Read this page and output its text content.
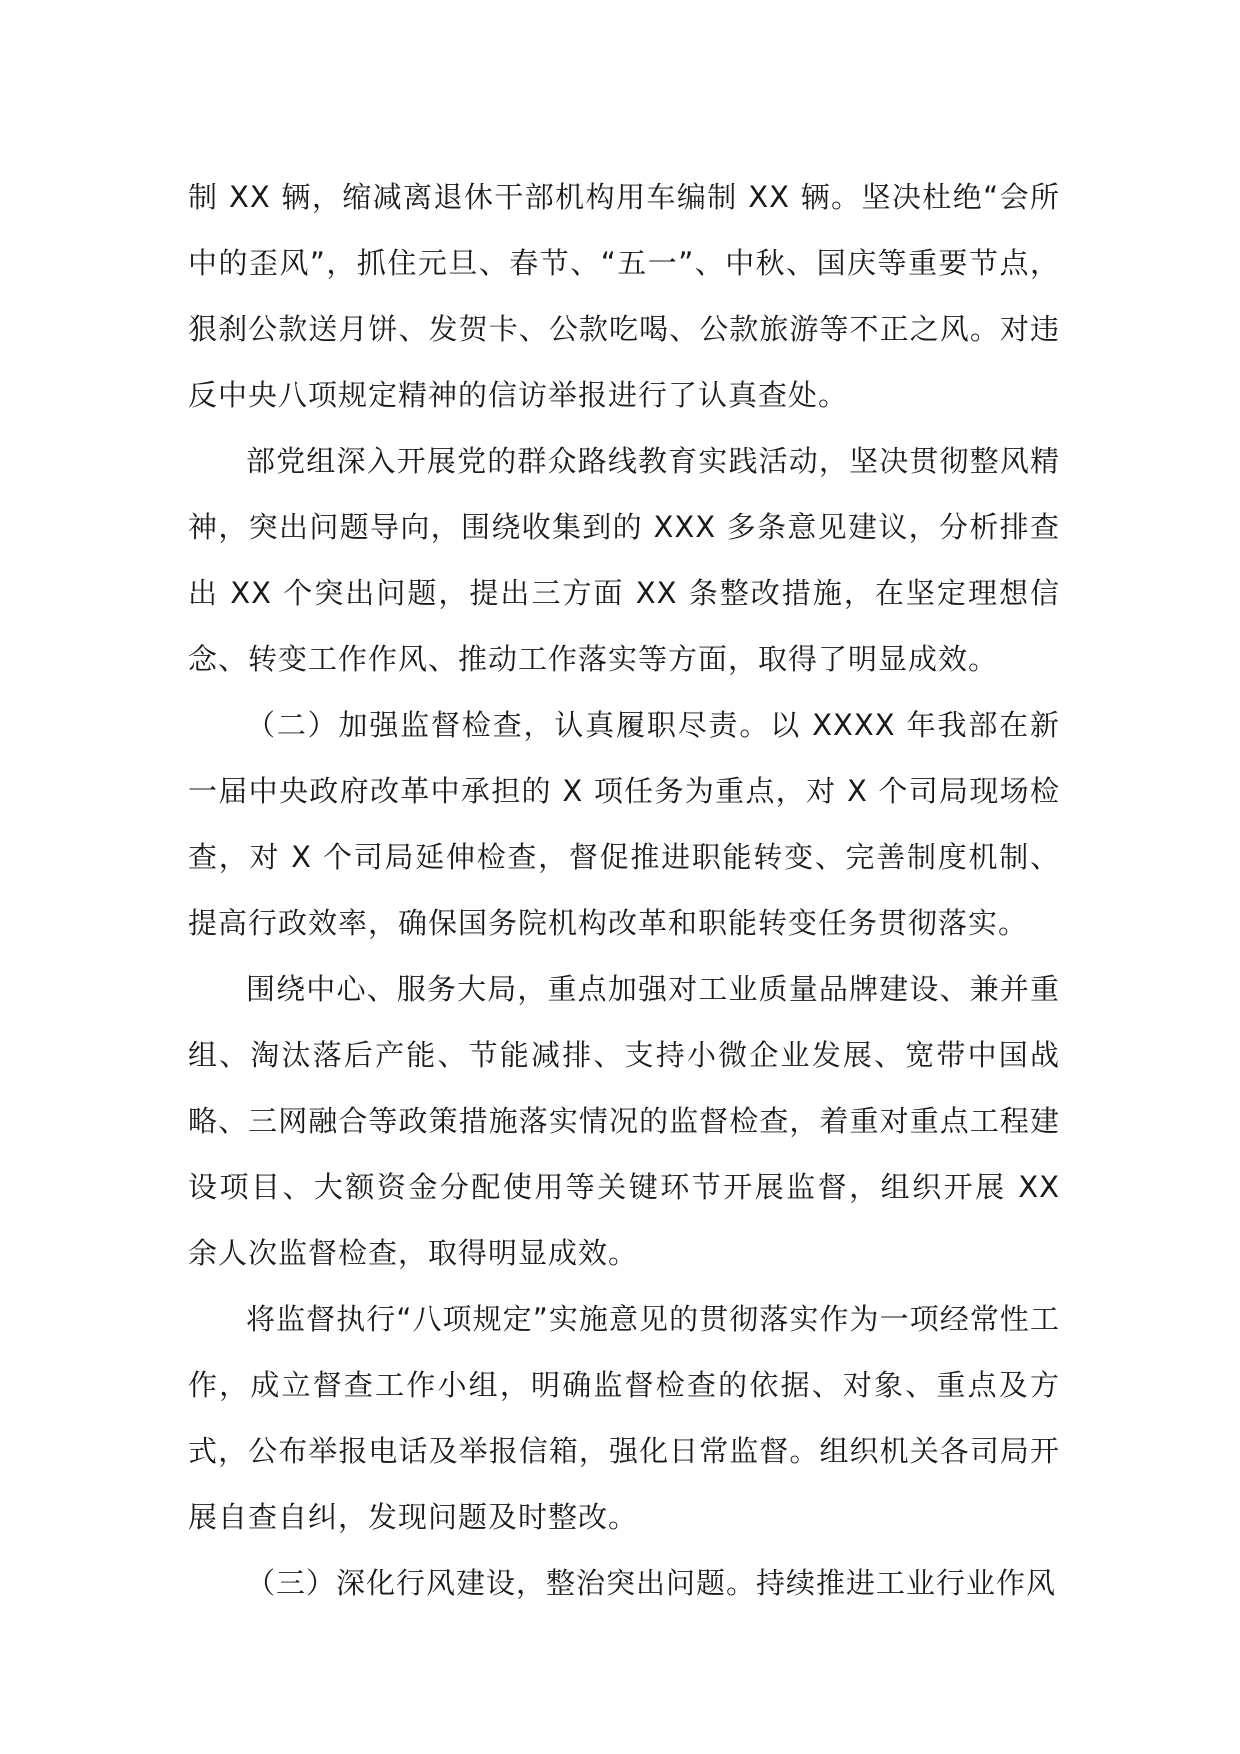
制 XX 辆，缩减离退休干部机构用车编制 XX 辆。坚决杜绝“会所中的歪风”，抓住元旦、春节、“五一”、中秋、国庆等重要节点，狠刹公款送月饼、发贺卡、公款吃喝、公款旅游等不正之风。对违反中央八项规定精神的信访举报进行了认真查处。

部党组深入开展党的群众路线教育实践活动，坚决贯彻整风精神，突出问题导向，围绕收集到的 XXX 多条意见建议，分析排查出 XX 个突出问题，提出三方面 XX 条整改措施，在坚定理想信念、转变工作作风、推动工作落实等方面，取得了明显成效。

（二）加强监督检查，认真履职尽责。以 XXXX 年我部在新一届中央政府改革中承担的 X 项任务为重点，对 X 个司局现场检查，对 X 个司局延伸检查，督促推进职能转变、完善制度机制、提高行政效率，确保国务院机构改革和职能转变任务贯彻落实。

围绕中心、服务大局，重点加强对工业质量品牌建设、兼并重组、淘汰落后产能、节能减排、支持小微企业发展、宽带中国战略、三网融合等政策措施落实情况的监督检查，着重对重点工程建设项目、大额资金分配使用等关键环节开展监督，组织开展 XX 余人次监督检查，取得明显成效。

将监督执行“八项规定”实施意见的贯彻落实作为一项经常性工作，成立督查工作小组，明确监督检查的依据、对象、重点及方式，公布举报电话及举报信箱，强化日常监督。组织机关各司局开展自查自纠，发现问题及时整改。

（三）深化行风建设，整治突出问题。持续推进工业行业作风
